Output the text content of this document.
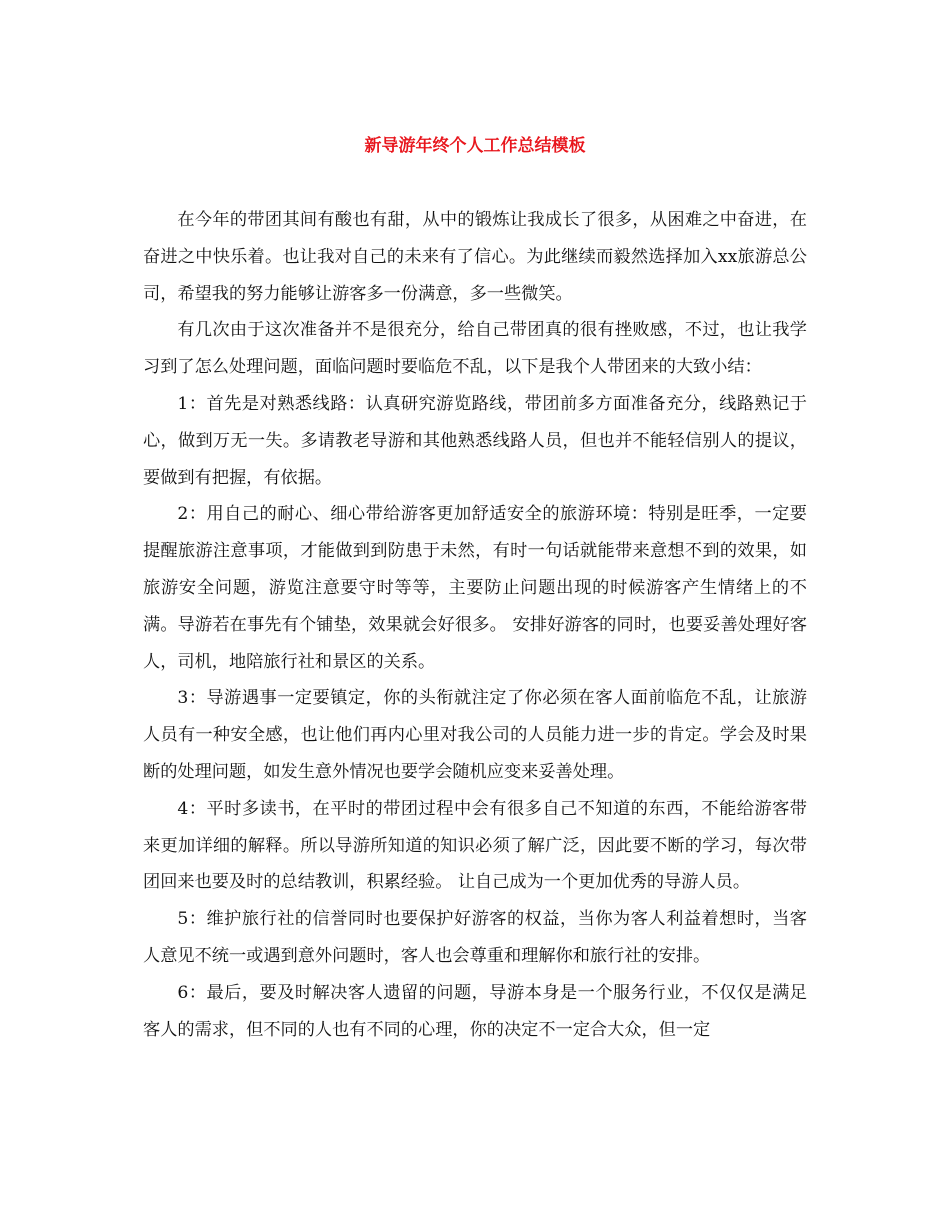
新导游年终个人工作总结模板

在今年的带团其间有酸也有甜，从中的锻炼让我成长了很多，从困难之中奋进，在奋进之中快乐着。也让我对自己的未来有了信心。为此继续而毅然选择加入xx旅游总公司，希望我的努力能够让游客多一份满意，多一些微笑。

有几次由于这次准备并不是很充分，给自己带团真的很有挫败感，不过，也让我学习到了怎么处理问题，面临问题时要临危不乱，以下是我个人带团来的大致小结：

1：首先是对熟悉线路：认真研究游览路线，带团前多方面准备充分，线路熟记于心，做到万无一失。多请教老导游和其他熟悉线路人员，但也并不能轻信别人的提议，要做到有把握，有依据。

2：用自己的耐心、细心带给游客更加舒适安全的旅游环境：特别是旺季，一定要提醒旅游注意事项，才能做到到防患于未然，有时一句话就能带来意想不到的效果，如旅游安全问题，游览注意要守时等等，主要防止问题出现的时候游客产生情绪上的不满。导游若在事先有个铺垫，效果就会好很多。 安排好游客的同时，也要妥善处理好客人，司机，地陪旅行社和景区的关系。

3：导游遇事一定要镇定，你的头衔就注定了你必须在客人面前临危不乱，让旅游人员有一种安全感，也让他们再内心里对我公司的人员能力进一步的肯定。学会及时果断的处理问题，如发生意外情况也要学会随机应变来妥善处理。

4：平时多读书，在平时的带团过程中会有很多自己不知道的东西，不能给游客带来更加详细的解释。所以导游所知道的知识必须了解广泛，因此要不断的学习，每次带团回来也要及时的总结教训，积累经验。 让自己成为一个更加优秀的导游人员。

5：维护旅行社的信誉同时也要保护好游客的权益，当你为客人利益着想时，当客人意见不统一或遇到意外问题时，客人也会尊重和理解你和旅行社的安排。

6：最后，要及时解决客人遗留的问题，导游本身是一个服务行业，不仅仅是满足客人的需求，但不同的人也有不同的心理，你的决定不一定合大众，但一定
